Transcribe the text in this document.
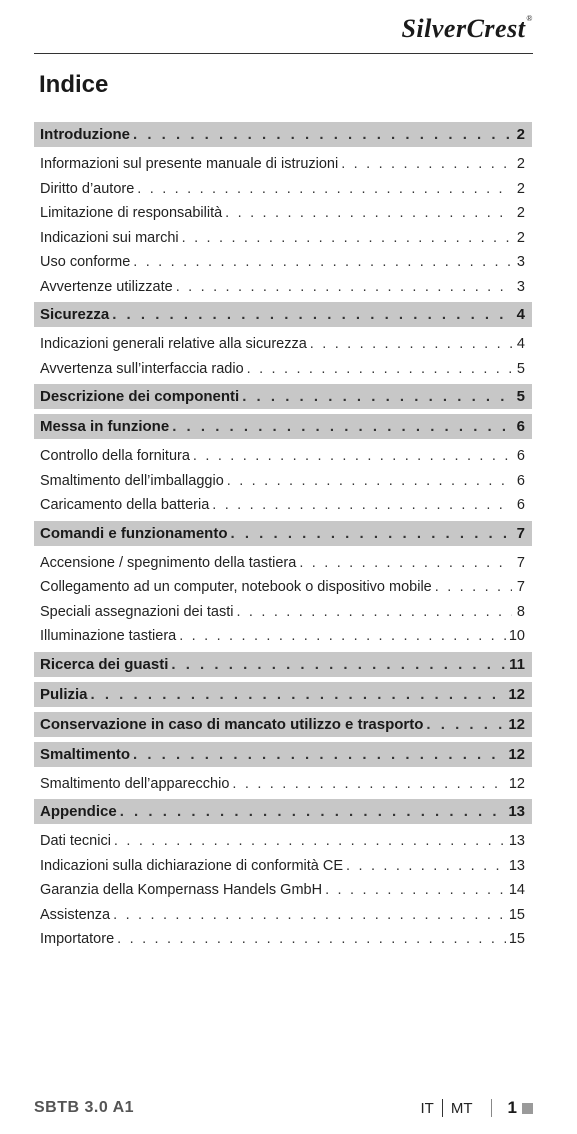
SilverCrest®
Indice
Introduzione . . .	2
Informazioni sul presente manuale di istruzioni . . .	2
Diritto d’autore . . .	2
Limitazione di responsabilità . . .	2
Indicazioni sui marchi . . .	2
Uso conforme . . .	3
Avvertenze utilizzate . . .	3
Sicurezza . . .	4
Indicazioni generali relative alla sicurezza . . .	4
Avvertenza sull’interfaccia radio . . .	5
Descrizione dei componenti . . .	5
Messa in funzione . . .	6
Controllo della fornitura . . .	6
Smaltimento dell’imballaggio . . .	6
Caricamento della batteria . . .	6
Comandi e funzionamento . . .	7
Accensione / spegnimento della tastiera . . .	7
Collegamento ad un computer, notebook o dispositivo mobile . . .	7
Speciali assegnazioni dei tasti . . .	8
Illuminazione tastiera . . .	10
Ricerca dei guasti . . .	11
Pulizia . . .	12
Conservazione in caso di mancato utilizzo e trasporto . . .	12
Smaltimento . . .	12
Smaltimento dell’apparecchio . . .	12
Appendice . . .	13
Dati tecnici . . .	13
Indicazioni sulla dichiarazione di conformità CE . . .	13
Garanzia della Kompernass Handels GmbH . . .	14
Assistenza . . .	15
Importatore . . .	15
SBTB 3.0 A1	IT MT 1
